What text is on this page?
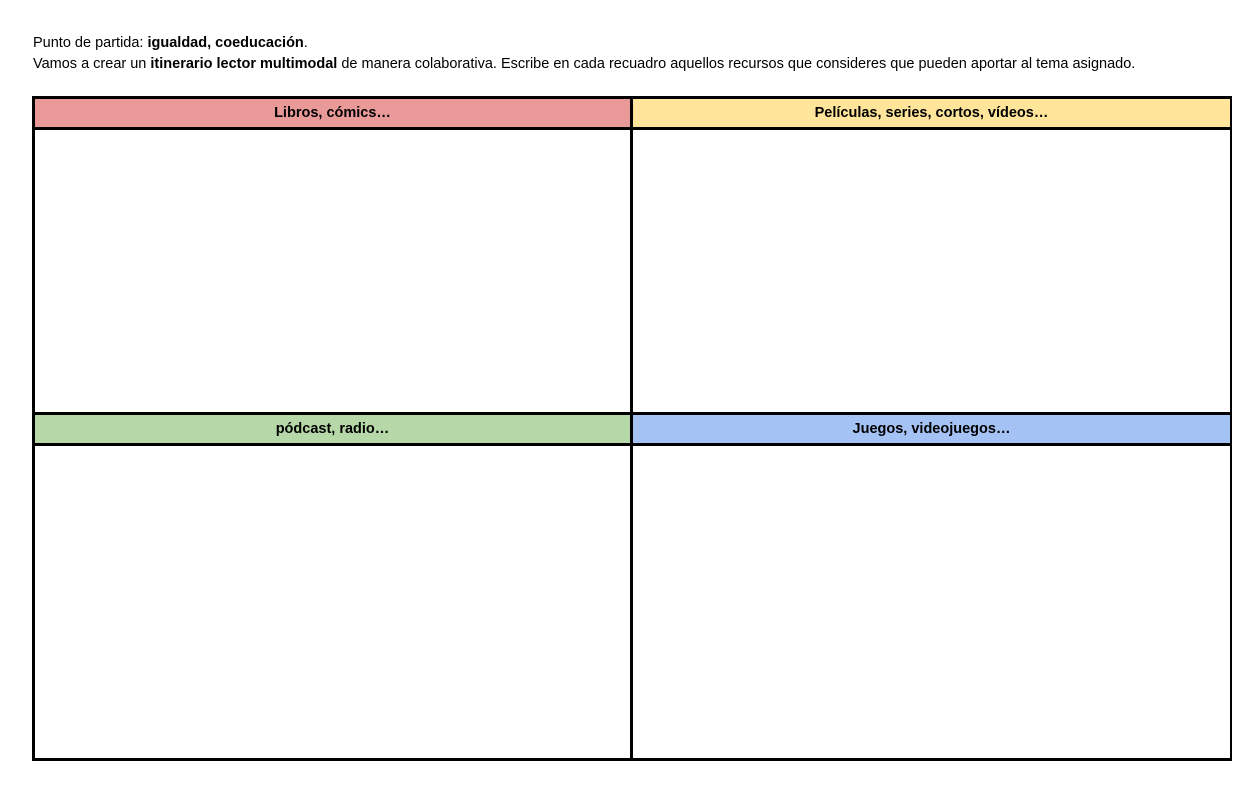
Punto de partida: igualdad, coeducación.

Vamos a crear un itinerario lector multimodal de manera colaborativa. Escribe en cada recuadro aquellos recursos que consideres que pueden aportar al tema asignado.

Libros, cómics…	Películas, series, cortos, vídeos…
pódcast, radio…	Juegos, videojuegos…
